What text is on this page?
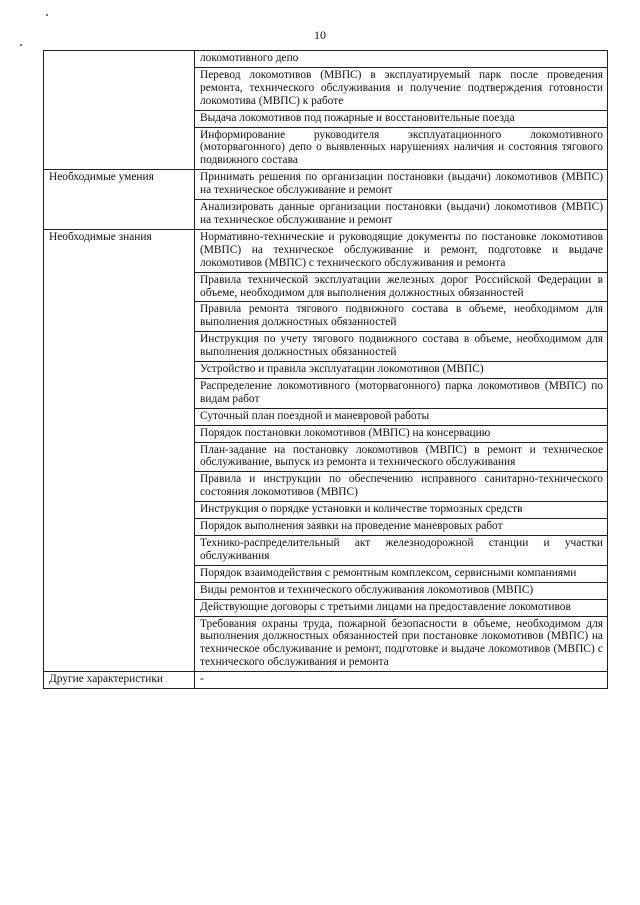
10
	локомотивного депо
	Перевод локомотивов (МВПС) в эксплуатируемый парк после проведения ремонта, технического обслуживания и получение подтверждения готовности локомотива (МВПС) к работе
	Выдача локомотивов под пожарные и восстановительные поезда
	Информирование руководителя эксплуатационного локомотивного (моторвагонного) депо о выявленных нарушениях наличия и состояния тягового подвижного состава
Необходимые умения	Принимать решения по организации постановки (выдачи) локомотивов (МВПС) на техническое обслуживание и ремонт
	Анализировать данные организации постановки (выдачи) локомотивов (МВПС) на техническое обслуживание и ремонт
Необходимые знания	Нормативно-технические и руководящие документы по постановке локомотивов (МВПС) на техническое обслуживание и ремонт, подготовке и выдаче локомотивов (МВПС) с технического обслуживания и ремонта
	Правила технической эксплуатации железных дорог Российской Федерации в объеме, необходимом для выполнения должностных обязанностей
	Правила ремонта тягового подвижного состава в объеме, необходимом для выполнения должностных обязанностей
	Инструкция по учету тягового подвижного состава в объеме, необходимом для выполнения должностных обязанностей
	Устройство и правила эксплуатации локомотивов (МВПС)
	Распределение локомотивного (моторвагонного) парка локомотивов (МВПС) по видам работ
	Суточный план поездной и маневровой работы
	Порядок постановки локомотивов (МВПС) на консервацию
	План-задание на постановку локомотивов (МВПС) в ремонт и техническое обслуживание, выпуск из ремонта и технического обслуживания
	Правила и инструкции по обеспечению исправного санитарно-технического состояния локомотивов (МВПС)
	Инструкция о порядке установки и количестве тормозных средств
	Порядок выполнения заявки на проведение маневровых работ
	Технико-распределительный акт железнодорожной станции и участки обслуживания
	Порядок взаимодействия с ремонтным комплексом, сервисными компаниями
	Виды ремонтов и технического обслуживания локомотивов (МВПС)
	Действующие договоры с третьими лицами на предоставление локомотивов
	Требования охраны труда, пожарной безопасности в объеме, необходимом для выполнения должностных обязанностей при постановке локомотивов (МВПС) на техническое обслуживание и ремонт, подготовке и выдаче локомотивов (МВПС) с технического обслуживания и ремонта
Другие характеристики	-
